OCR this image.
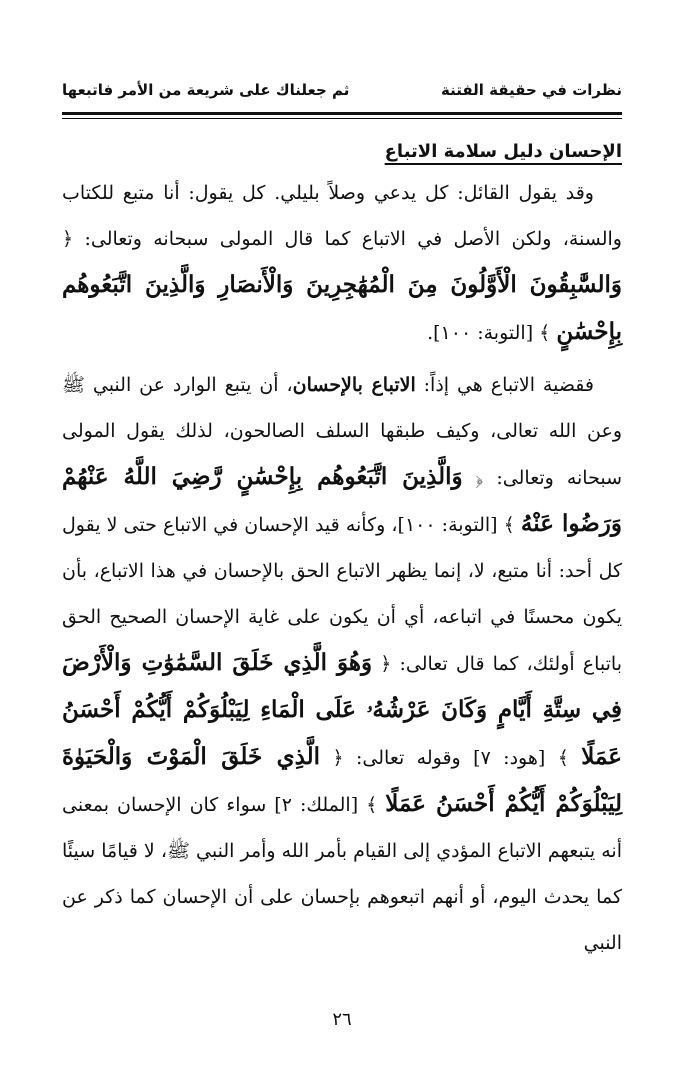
نظرات في حقيقة الفتنة
ثم جعلناك على شريعة من الأمر فاتبعها
الإحسان دليل سلامة الاتباع

وقد يقول القائل: كل يدعي وصلاً بليلي. كل يقول: أنا متبع للكتاب والسنة، ولكن الأصل في الاتباع كما قال المولى سبحانه وتعالى: ﴿ وَالسَّٰبِقُونَ الْأَوَّلُونَ مِنَ الْمُهَٰجِرِينَ وَالْأَنصَارِ وَالَّذِينَ اتَّبَعُوهُم بِإِحْسَٰنٍ ﴾ [التوبة: ١٠٠].

فقضية الاتباع هي إذاً: الاتباع بالإحسان، أن يتبع الوارد عن النبي ﷺ وعن الله تعالى، وكيف طبقها السلف الصالحون، لذلك يقول المولى سبحانه وتعالى: ﴿ وَالَّذِينَ اتَّبَعُوهُم بِإِحْسَٰنٍ رَّضِيَ اللَّهُ عَنْهُمْ وَرَضُوا عَنْهُ ﴾ [التوبة: ١٠٠]، وكأنه قيد الإحسان في الاتباع حتى لا يقول كل أحد: أنا متبع، لا، إنما يظهر الاتباع الحق بالإحسان في هذا الاتباع، بأن يكون محسنًا في اتباعه، أي أن يكون على غاية الإحسان الصحيح الحق باتباع أولئك، كما قال تعالى: ﴿ وَهُوَ الَّذِي خَلَقَ السَّمَٰوَٰتِ وَالْأَرْضَ فِي سِتَّةِ أَيَّامٍ وَكَانَ عَرْشُهُۥ عَلَى الْمَاءِ لِيَبْلُوَكُمْ أَيُّكُمْ أَحْسَنُ عَمَلًا ﴾ [هود: ٧] وقوله تعالى: ﴿ الَّذِي خَلَقَ الْمَوْتَ وَالْحَيَوٰةَ لِيَبْلُوَكُمْ أَيُّكُمْ أَحْسَنُ عَمَلًا ﴾ [الملك: ٢] سواء كان الإحسان بمعنى أنه يتبعهم الاتباع المؤدي إلى القيام بأمر الله وأمر النبي ﷺ، لا قيامًا سيئًا كما يحدث اليوم، أو أنهم اتبعوهم بإحسان على أن الإحسان كما ذكر عن النبي

٢٦
